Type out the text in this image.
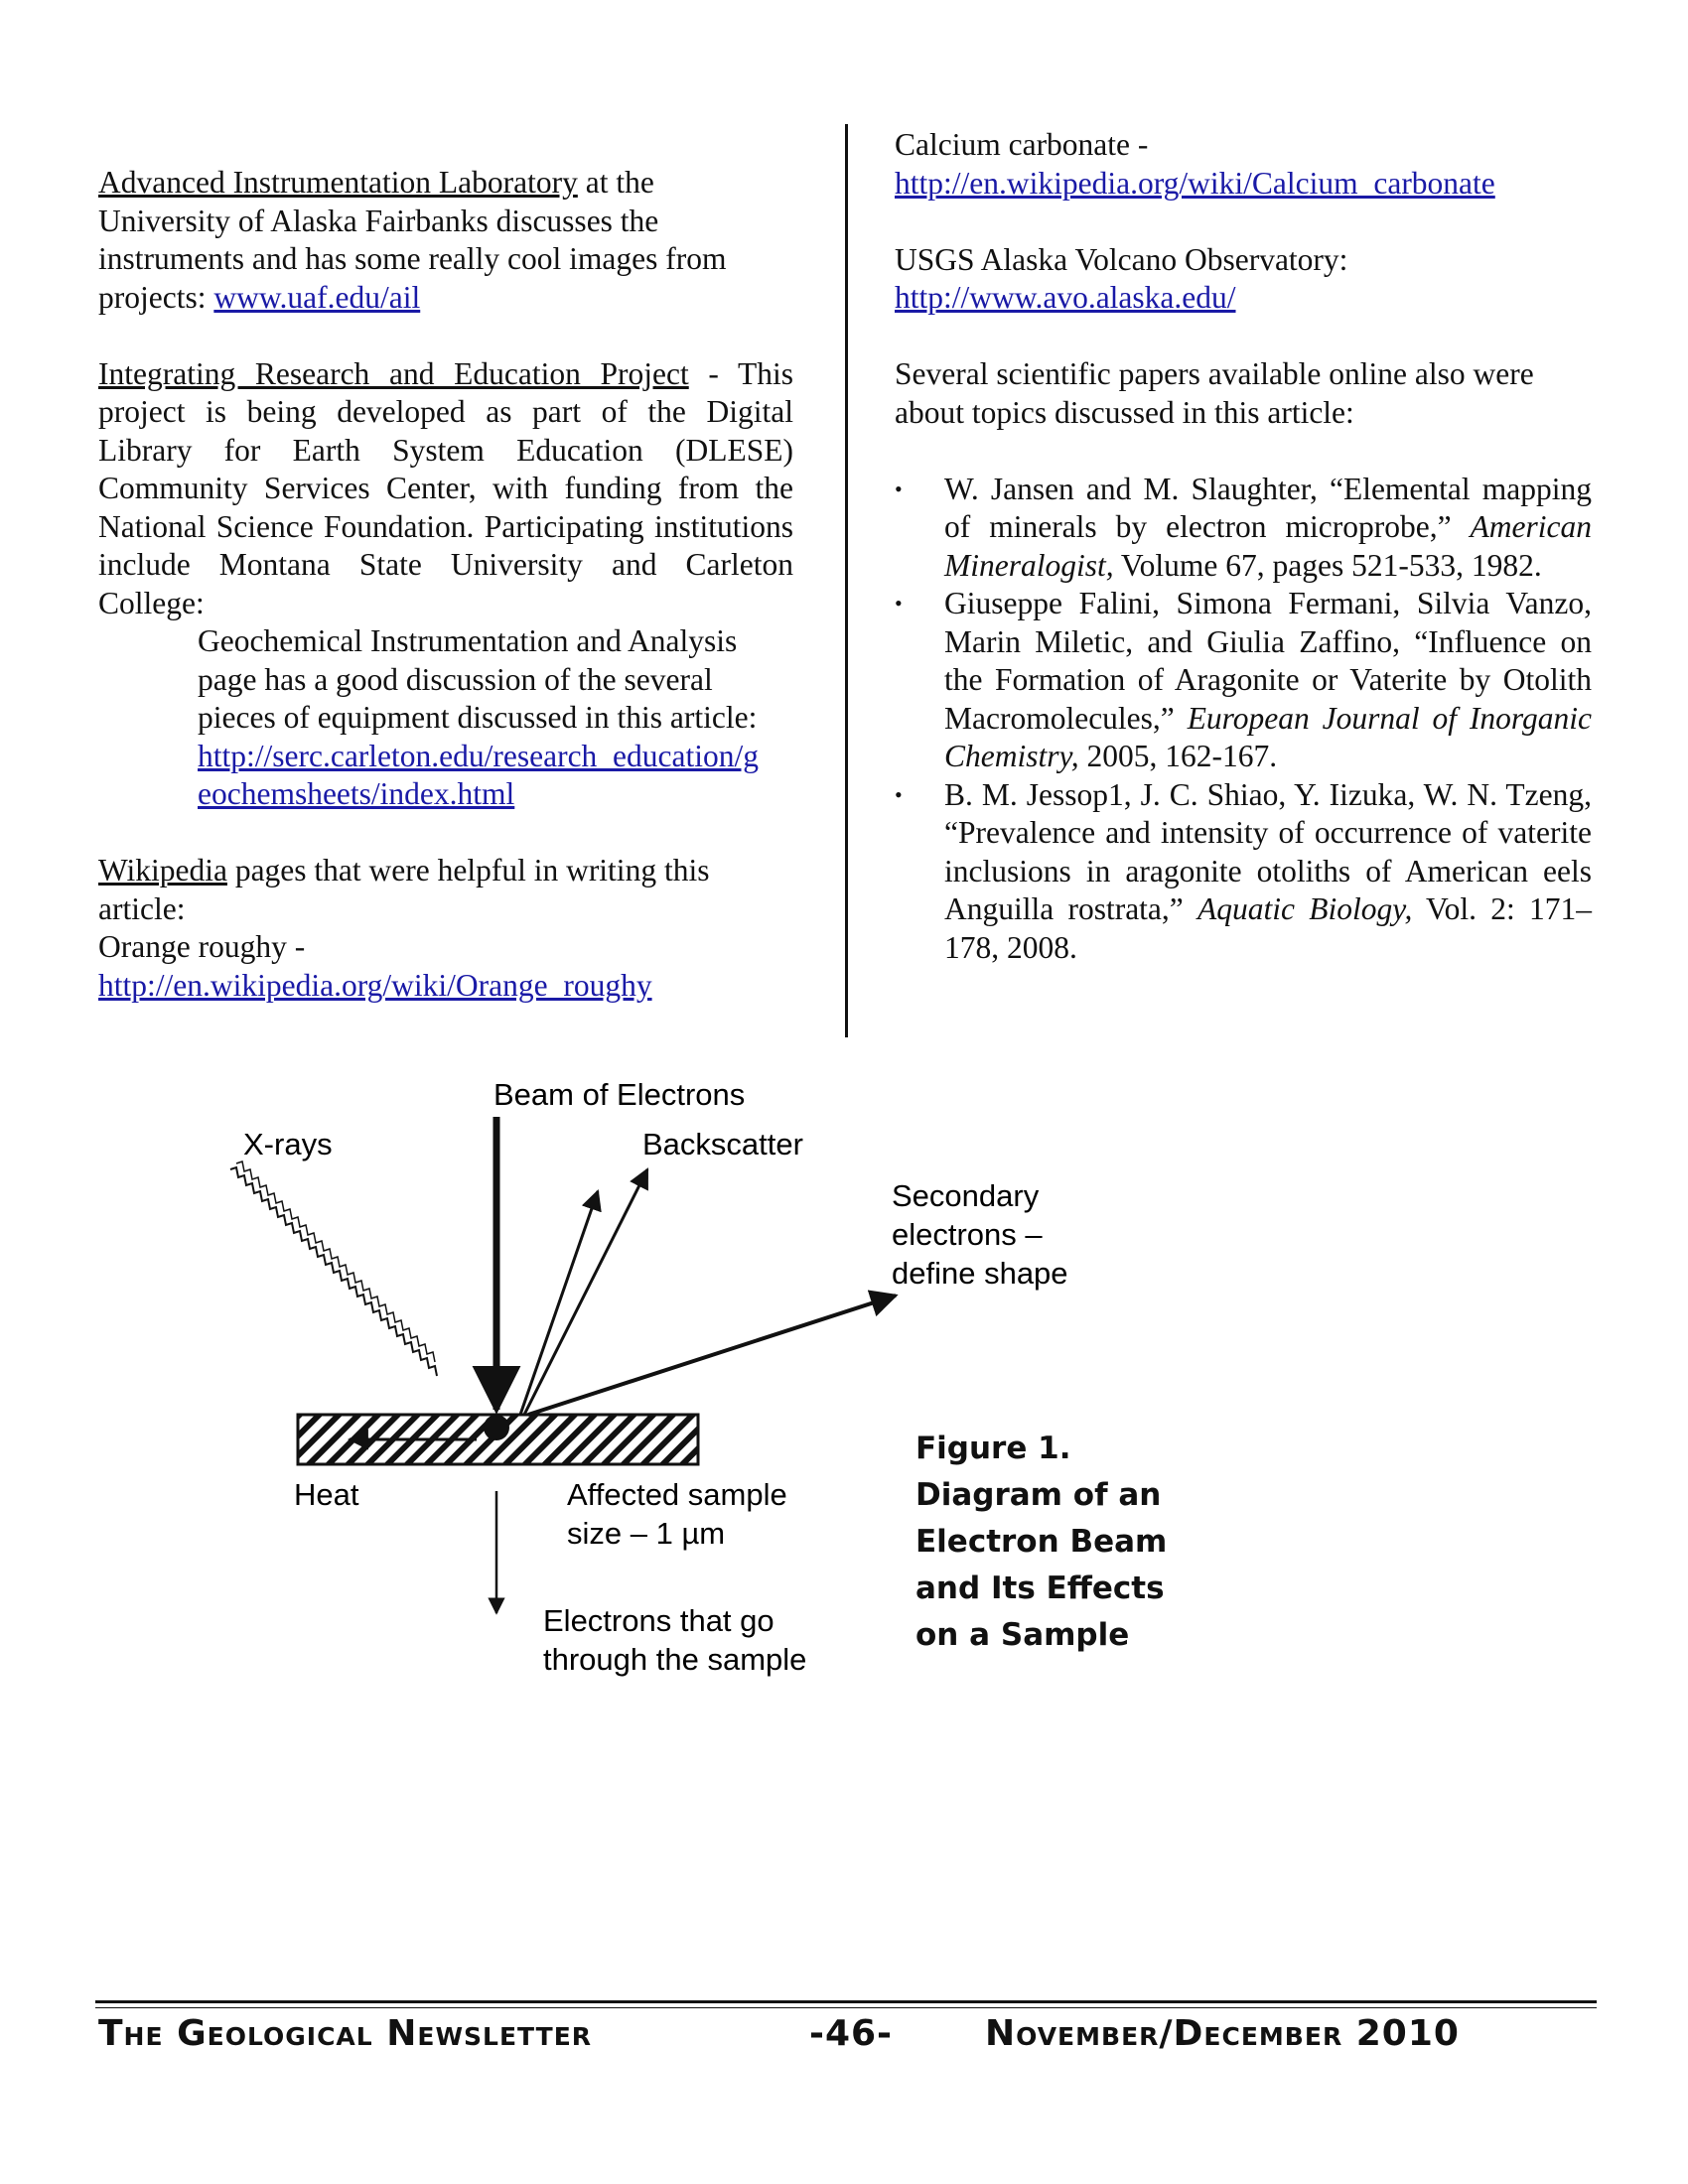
Advanced Instrumentation Laboratory at the University of Alaska Fairbanks discusses the instruments and has some really cool images from projects: www.uaf.edu/ail

Integrating Research and Education Project - This project is being developed as part of the Digital Library for Earth System Education (DLESE) Community Services Center, with funding from the National Science Foundation. Participating institutions include Montana State University and Carleton College:

Geochemical Instrumentation and Analysis page has a good discussion of the several pieces of equipment discussed in this article:
http://serc.carleton.edu/research_education/g
eochemsheets/index.html

Wikipedia pages that were helpful in writing this article:
Orange roughy -
http://en.wikipedia.org/wiki/Orange_roughy

Calcium carbonate -
http://en.wikipedia.org/wiki/Calcium_carbonate

USGS Alaska Volcano Observatory:
http://www.avo.alaska.edu/

Several scientific papers available online also were about topics discussed in this article:

• W. Jansen and M. Slaughter, “Elemental mapping of minerals by electron microprobe,” American Mineralogist, Volume 67, pages 521-533, 1982.
• Giuseppe Falini, Simona Fermani, Silvia Vanzo, Marin Miletic, and Giulia Zaffino, “Influence on the Formation of Aragonite or Vaterite by Otolith Macromolecules,” European Journal of Inorganic Chemistry, 2005, 162-167.
• B. M. Jessop1, J. C. Shiao, Y. Iizuka, W. N. Tzeng, “Prevalence and intensity of occurrence of vaterite inclusions in aragonite otoliths of American eels Anguilla rostrata,” Aquatic Biology, Vol. 2: 171–178, 2008.
Beam of Electrons
X-rays	Backscatter
Secondary
electrons –
define shape
Heat	Affected sample
size – 1 µm
Electrons that go
through the sample
Figure 1.
Diagram of an
Electron Beam
and Its Effects
on a Sample
The Geological Newsletter	-46-	November/December 2010
